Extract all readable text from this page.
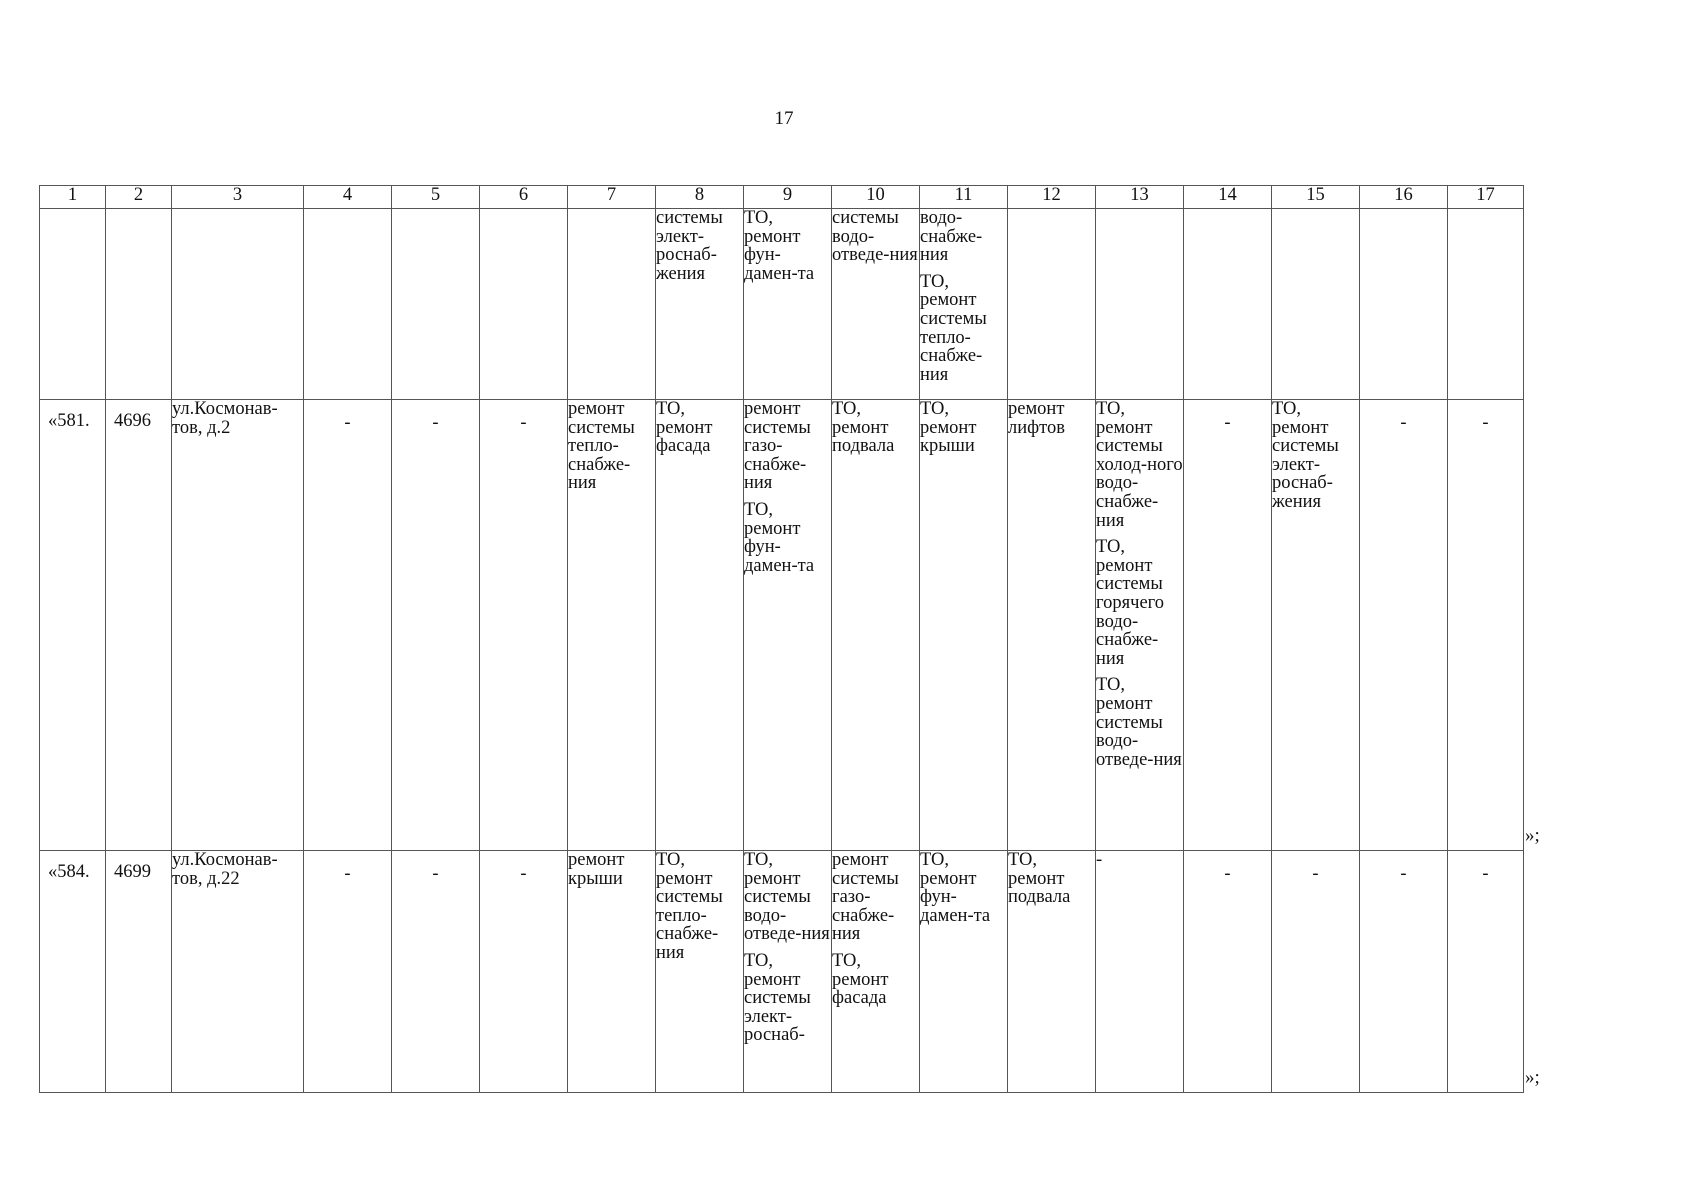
17
1	2	3	4	5	6	7	8	9	10	11	12	13	14	15	16	17

							системы элект-роснаб-жения	ТО, ремонт фун-дамен-та	системы водо-отведе-ния	водо-снабже-ния
ТО, ремонт системы тепло-снабже-ния						

«581.	4696	ул.Космонав-тов, д.2	-	-	-	ремонт системы тепло-снабже-ния	ТО, ремонт фасада	ремонт системы газо-снабже-ния
ТО, ремонт фун-дамен-та	ТО, ремонт подвала	ТО, ремонт крыши	ремонт лифтов	ТО, ремонт системы холод-ного водо-снабже-ния
ТО, ремонт системы горячего водо-снабже-ния
ТО, ремонт системы водо-отведе-ния	-	ТО, ремонт системы элект-роснаб-жения	-	-

«584.	4699	ул.Космонав-тов, д.22	-	-	-	ремонт крыши	ТО, ремонт системы тепло-снабже-ния	ТО, ремонт системы водо-отведе-ния
ТО, ремонт системы элект-роснаб-	ремонт системы газо-снабже-ния
ТО, ремонт фасада	ТО, ремонт фун-дамен-та	ТО, ремонт подвала	-	-	-	-	-
»;
»;
